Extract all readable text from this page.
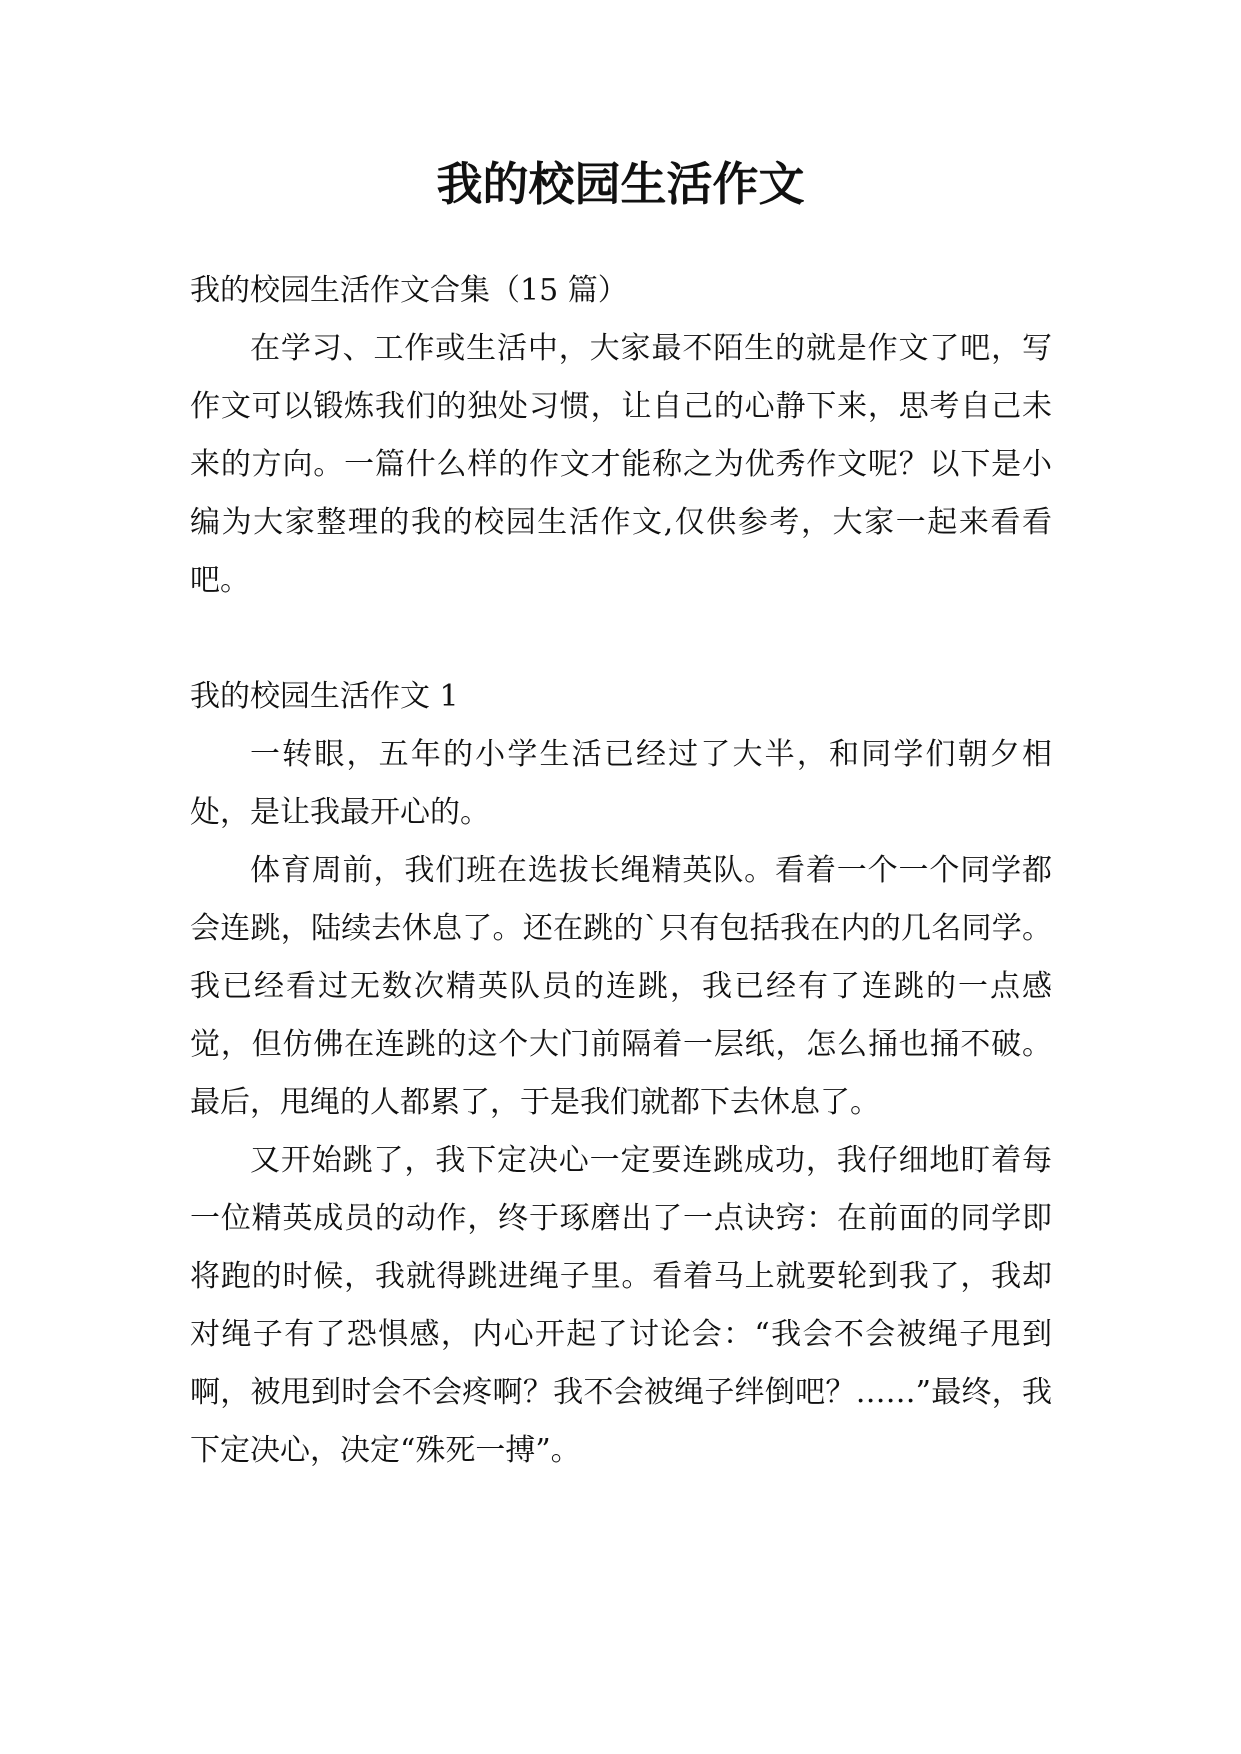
我的校园生活作文

我的校园生活作文合集（15 篇）

在学习、工作或生活中，大家最不陌生的就是作文了吧，写作文可以锻炼我们的独处习惯，让自己的心静下来，思考自己未来的方向。一篇什么样的作文才能称之为优秀作文呢？以下是小编为大家整理的我的校园生活作文,仅供参考，大家一起来看看吧。

我的校园生活作文 1

一转眼，五年的小学生活已经过了大半，和同学们朝夕相处，是让我最开心的。

体育周前，我们班在选拔长绳精英队。看着一个一个同学都会连跳，陆续去休息了。还在跳的`只有包括我在内的几名同学。我已经看过无数次精英队员的连跳，我已经有了连跳的一点感觉，但仿佛在连跳的这个大门前隔着一层纸，怎么捅也捅不破。最后，甩绳的人都累了，于是我们就都下去休息了。

又开始跳了，我下定决心一定要连跳成功，我仔细地盯着每一位精英成员的动作，终于琢磨出了一点诀窍：在前面的同学即将跑的时候，我就得跳进绳子里。看着马上就要轮到我了，我却对绳子有了恐惧感，内心开起了讨论会：“我会不会被绳子甩到啊，被甩到时会不会疼啊？我不会被绳子绊倒吧？……”最终，我下定决心，决定“殊死一搏”。
